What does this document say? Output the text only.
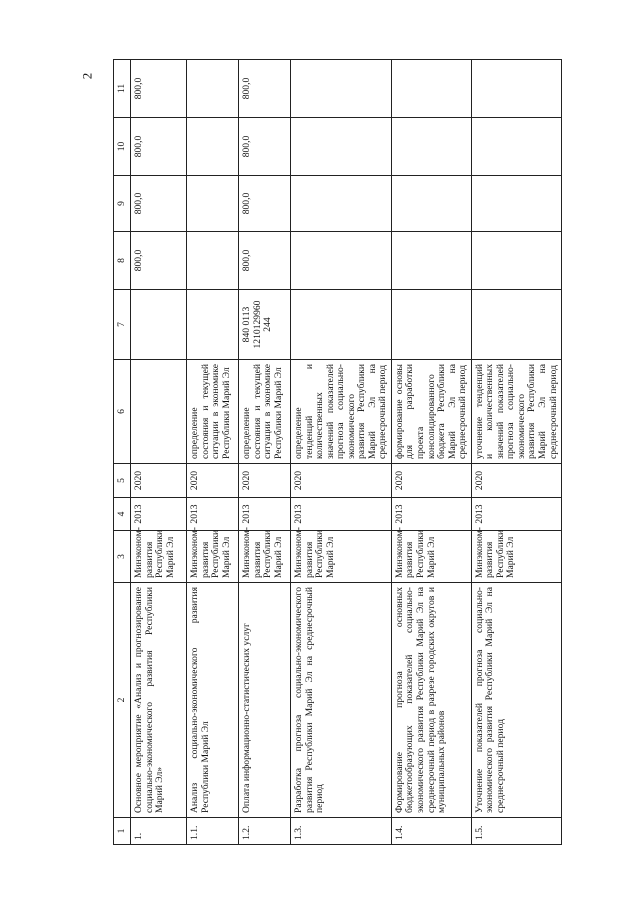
2
1	2	3	4	5	6	7	8	9	10	11
1.	Основное мероприятие «Анализ и прогнозирование социально-экономического развития Республики Марий Эл»	Минэкономразвития Республики Марий Эл	2013	2020			800,0	800,0	800,0	800,0
1.1.	Анализ социально-экономического развития Республики Марий Эл	Минэкономразвития Республики Марий Эл	2013	2020	определение состояния и текущей ситуации в экономике Республики Марий Эл					
1.2.	Оплата информационно-статистических услуг	Минэкономразвития Республики Марий Эл	2013	2020	определение состояния и текущей ситуации в экономике Республики Марий Эл	840 0113 1210129960 244	800,0	800,0	800,0	800,0
1.3.	Разработка прогноза социально-экономического развития Республики Марий Эл на среднесрочный период	Минэкономразвития Республики Марий Эл	2013	2020	определение тенденций и количественных значений показателей прогноза социально-экономического развития Республики Марий Эл на среднесрочный период					
1.4.	Формирование прогноза основных бюджетообразующих показателей социально-экономического развития Республики Марий Эл на среднесрочный период в разрезе городских округов и муниципальных районов	Минэкономразвития Республики Марий Эл	2013	2020	формирование основы для разработки проекта консолидированного бюджета Республики Марий Эл на среднесрочный период					
1.5.	Уточнение показателей прогноза социально-экономического развития Республики Марий Эл на среднесрочный период	Минэкономразвития Республики Марий Эл	2013	2020	уточнение тенденций и количественных значений показателей прогноза социально-экономического развития Республики Марий Эл на среднесрочный период					
